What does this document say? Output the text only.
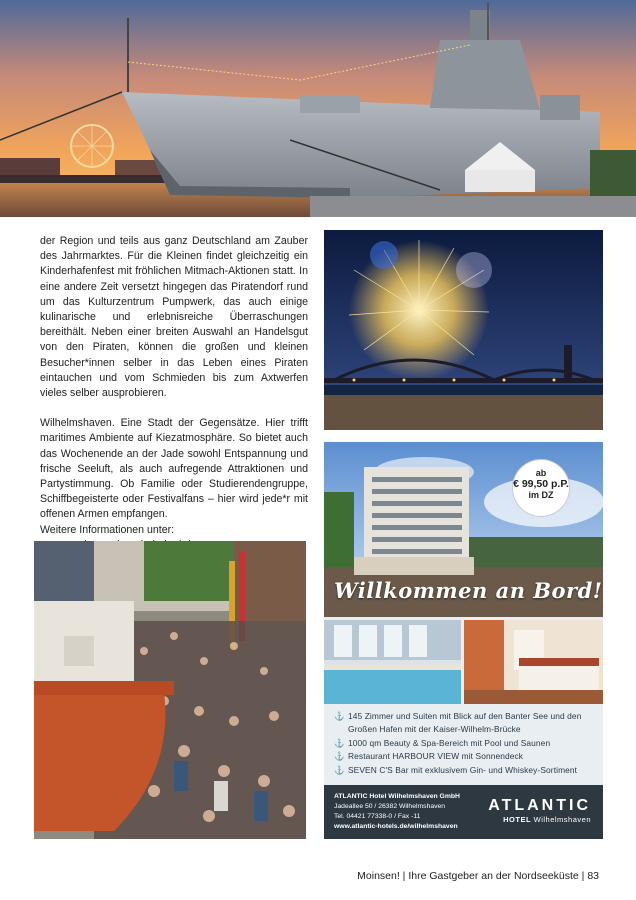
der Region und teils aus ganz Deutschland am Zauber des Jahrmarktes. Für die Kleinen findet gleichzeitig ein Kinderhafenfest mit fröhlichen Mitmach-Aktionen statt. In eine andere Zeit versetzt hingegen das Piratendorf rund um das Kulturzentrum Pumpwerk, das auch einige kulinarische und erlebnisreiche Überraschungen bereithält. Neben einer breiten Auswahl an Handelsgut von den Piraten, können die großen und kleinen Besucher*innen selber in das Leben eines Piraten eintauchen und vom Schmieden bis zum Axtwerfen vieles selber ausprobieren.

Wilhelmshaven. Eine Stadt der Gegensätze. Hier trifft maritimes Ambiente auf Kiezatmosphäre. So bietet auch das Wochenende an der Jade sowohl Entspannung und frische Seeluft, als auch aufregende Attraktionen und Partystimmung. Ob Familie oder Studierendengruppe, Schiffbegeisterte oder Festivalfans – hier wird jede*r mit offenen Armen empfangen.

Weitere Informationen unter:

ab
€ 99,50 p.P.
im DZ
Willkommen an Bord!
⚓ 145 Zimmer und Suiten mit Blick auf den Banter See und den Großen Hafen mit der Kaiser-Wilhelm-Brücke
⚓ 1000 qm Beauty & Spa-Bereich mit Pool und Saunen
⚓ Restaurant HARBOUR VIEW mit Sonnendeck
⚓ SEVEN C'S Bar mit exklusivem Gin- und Whiskey-Sortiment
ATLANTIC Hotel Wilhelmshaven GmbH
Jadeallee 50 / 26382 Wilhelmshaven
Tel. 04421 77338-0 / Fax -11
www.atlantic-hotels.de/wilhelmshaven
ATLANTIC
HOTEL Wilhelmshaven
Moinsen! | Ihre Gastgeber an der Nordseeküste | 83
